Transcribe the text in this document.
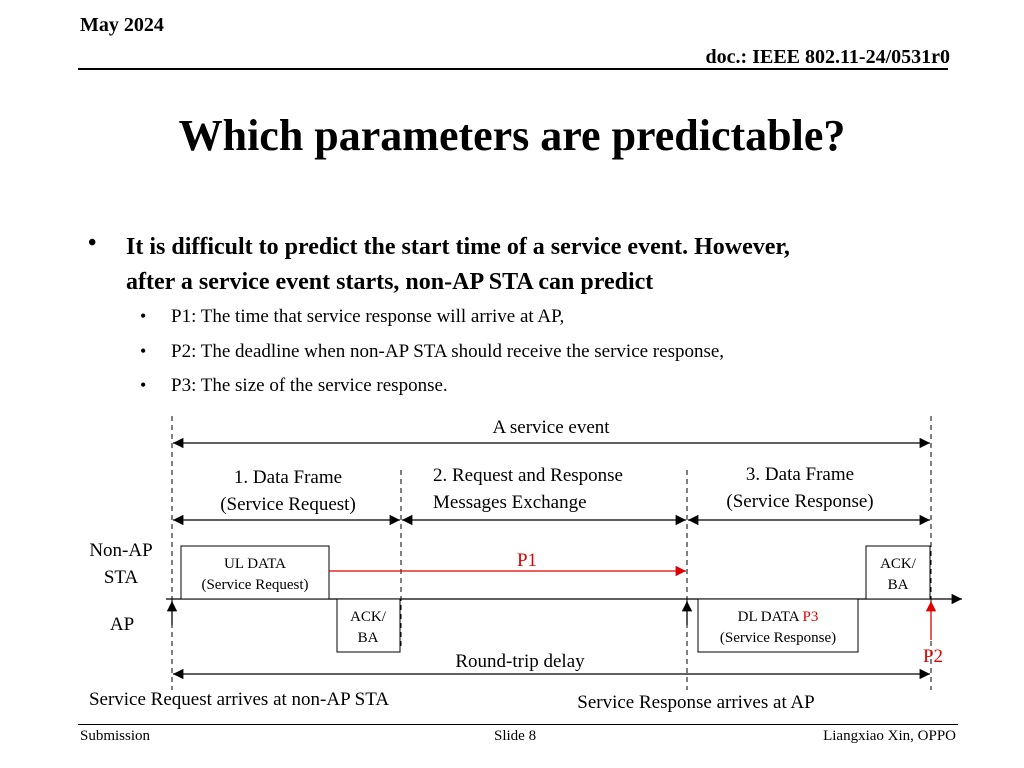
May 2024
doc.: IEEE 802.11-24/0531r0
Which parameters are predictable?
• It is difficult to predict the start time of a service event. However,
after a service event starts, non-AP STA can predict
• P1: The time that service response will arrive at AP,
• P2: The deadline when non-AP STA should receive the service response,
• P3: The size of the service response.
A service event
1. Data Frame
(Service Request)
2. Request and Response
Messages Exchange
3. Data Frame
(Service Response)
Non-AP
STA
AP
UL DATA
(Service Request)
ACK/
BA
ACK/
BA
DL DATA P3
(Service Response)
P1
P2
Round-trip delay
Service Request arrives at non-AP STA	Service Response arrives at AP
Submission	Slide 8	Liangxiao Xin, OPPO
